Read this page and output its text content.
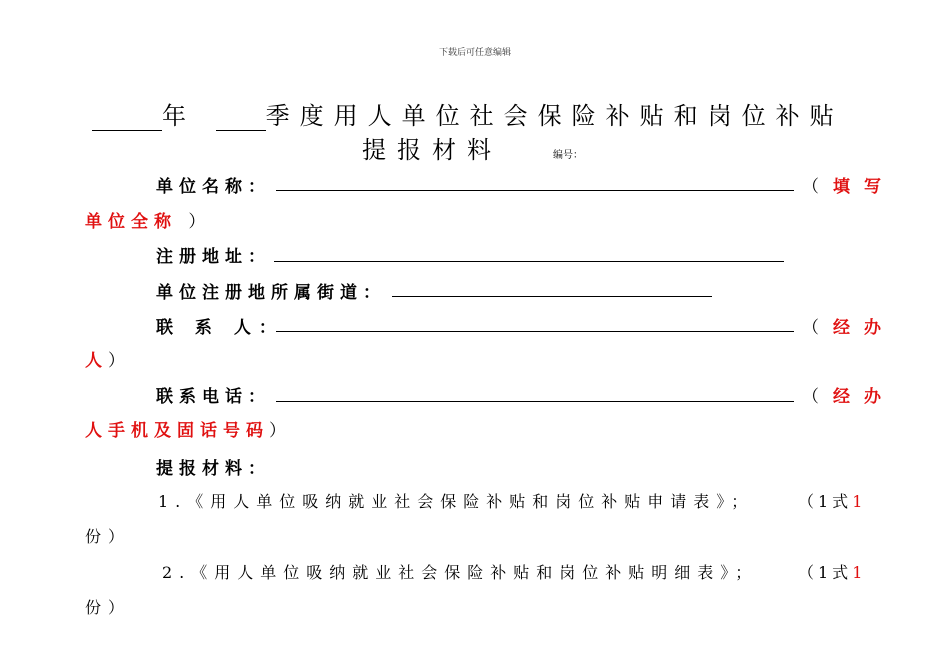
下载后可任意编辑
年	季度用人单位社会保险补贴和岗位补贴
提报材料	编号：
单位名称：	（填写
单位全称 ）
注册地址：
单位注册地所属街道：
联 系 人：	（经办
人）
联系电话：	（经办
人手机及固话号码）
提报材料：
1.《用人单位吸纳就业社会保险补贴和岗位补贴申请表》；	（1式1
份）
2.《用人单位吸纳就业社会保险补贴和岗位补贴明细表》； （1式1
份）
